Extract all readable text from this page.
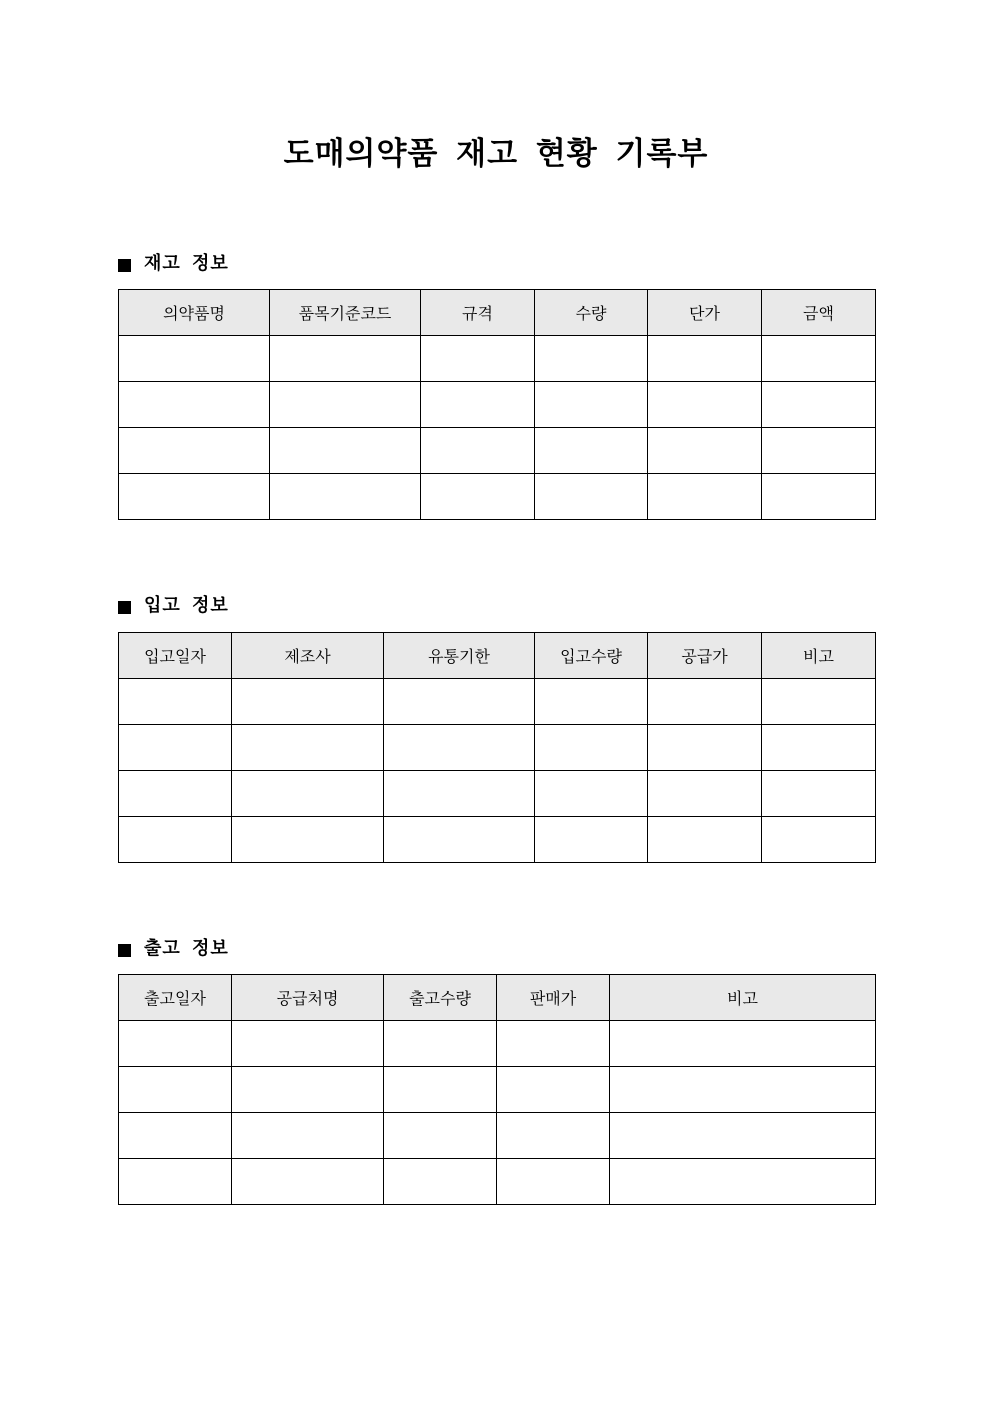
도매의약품 재고 현황 기록부
재고 정보
의약품명	품목기준코드	규격	수량	단가	금액

입고 정보
입고일자	제조사	유통기한	입고수량	공급가	비고

출고 정보
출고일자	공급처명	출고수량	판매가	비고
